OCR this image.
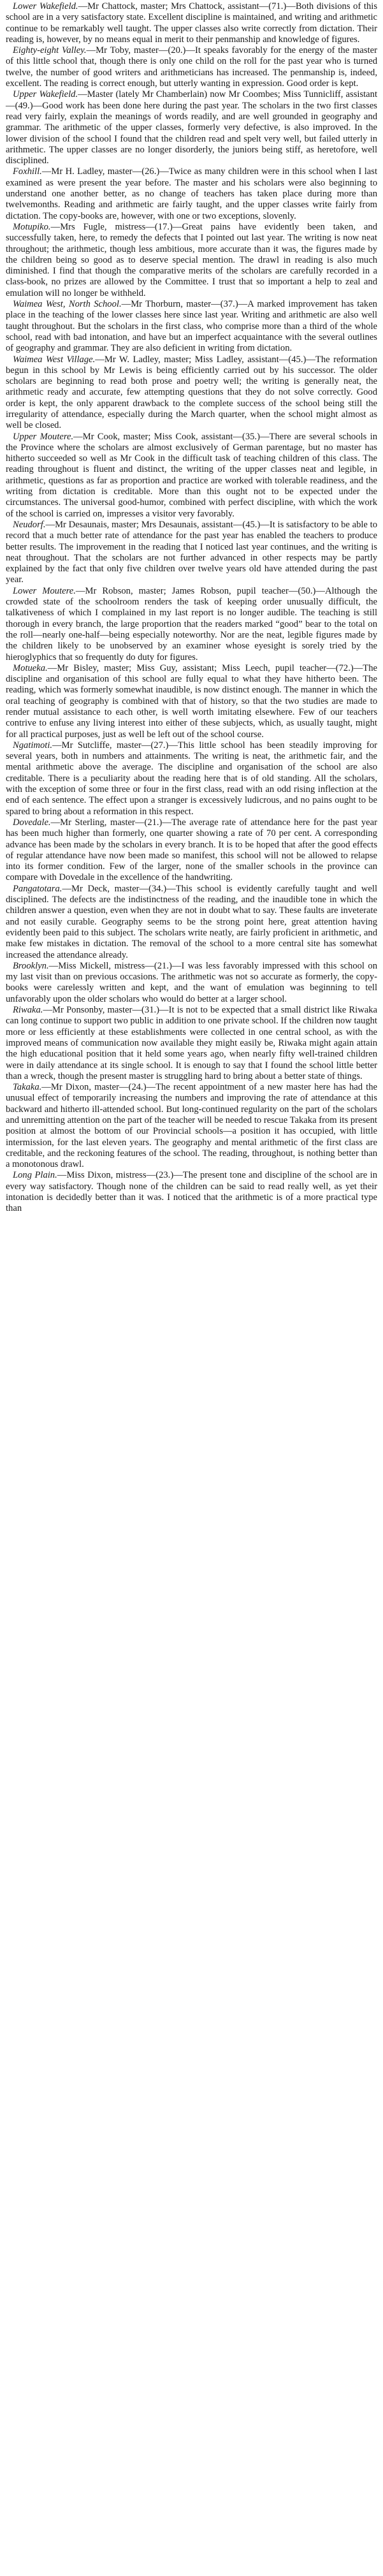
Lower Wakefield.—Mr Chattock, master; Mrs Chattock, assistant—(71.)—Both divisions of this school are in a very satisfactory state. Excellent discipline is maintained, and writing and arithmetic continue to be remarkably well taught. The upper classes also write correctly from dictation. Their reading is, however, by no means equal in merit to their penmanship and knowledge of figures.

Eighty-eight Valley.—Mr Toby, master—(20.)—It speaks favorably for the energy of the master of this little school that, though there is only one child on the roll for the past year who is turned twelve, the number of good writers and arithmeticians has increased. The penmanship is, indeed, excellent. The reading is correct enough, but utterly wanting in expression. Good order is kept.

Upper Wakefield.—Master (lately Mr Chamberlain) now Mr Coombes; Miss Tunnicliff, assistant—(49.)—Good work has been done here during the past year. The scholars in the two first classes read very fairly, explain the meanings of words readily, and are well grounded in geography and grammar. The arithmetic of the upper classes, formerly very defective, is also improved. In the lower division of the school I found that the children read and spelt very well, but failed utterly in arithmetic. The upper classes are no longer disorderly, the juniors being stiff, as heretofore, well disciplined.

Foxhill.—Mr H. Ladley, master—(26.)—Twice as many children were in this school when I last examined as were present the year before. The master and his scholars were also beginning to understand one another better, as no change of teachers has taken place during more than twelvemonths. Reading and arithmetic are fairly taught, and the upper classes write fairly from dictation. The copy-books are, however, with one or two exceptions, slovenly.

Motupiko.—Mrs Fugle, mistress—(17.)—Great pains have evidently been taken, and successfully taken, here, to remedy the defects that I pointed out last year. The writing is now neat throughout; the arithmetic, though less ambitious, more accurate than it was, the figures made by the children being so good as to deserve special mention. The drawl in reading is also much diminished. I find that though the comparative merits of the scholars are carefully recorded in a class-book, no prizes are allowed by the Committee. I trust that so important a help to zeal and emulation will no longer be withheld.

Waimea West, North School.—Mr Thorburn, master—(37.)—A marked improvement has taken place in the teaching of the lower classes here since last year. Writing and arithmetic are also well taught throughout. But the scholars in the first class, who comprise more than a third of the whole school, read with bad intonation, and have but an imperfect acquaintance with the several outlines of geography and grammar. They are also deficient in writing from dictation.

Waimea West Village.—Mr W. Ladley, master; Miss Ladley, assistant—(45.)—The reformation begun in this school by Mr Lewis is being efficiently carried out by his successor. The older scholars are beginning to read both prose and poetry well; the writing is generally neat, the arithmetic ready and accurate, few attempting questions that they do not solve correctly. Good order is kept, the only apparent drawback to the complete success of the school being still the irregularity of attendance, especially during the March quarter, when the school might almost as well be closed.

Upper Moutere.—Mr Cook, master; Miss Cook, assistant—(35.)—There are several schools in the Province where the scholars are almost exclusively of German parentage, but no master has hitherto succeeded so well as Mr Cook in the difficult task of teaching children of this class. The reading throughout is fluent and distinct, the writing of the upper classes neat and legible, in arithmetic, questions as far as proportion and practice are worked with tolerable readiness, and the writing from dictation is creditable. More than this ought not to be expected under the circumstances. The universal good-humor, combined with perfect discipline, with which the work of the school is carried on, impresses a visitor very favorably.

Neudorf.—Mr Desaunais, master; Mrs Desaunais, assistant—(45.)—It is satisfactory to be able to record that a much better rate of attendance for the past year has enabled the teachers to produce better results. The improvement in the reading that I noticed last year continues, and the writing is neat throughout. That the scholars are not further advanced in other respects may be partly explained by the fact that only five children over twelve years old have attended during the past year.

Lower Moutere.—Mr Robson, master; James Robson, pupil teacher—(50.)—Although the crowded state of the schoolroom renders the task of keeping order unusually difficult, the talkativeness of which I complained in my last report is no longer audible. The teaching is still thorough in every branch, the large proportion that the readers marked “good” bear to the total on the roll—nearly one-half—being especially noteworthy. Nor are the neat, legible figures made by the children likely to be unobserved by an examiner whose eyesight is sorely tried by the hieroglyphics that so frequently do duty for figures.

Motueka.—Mr Bisley, master; Miss Guy, assistant; Miss Leech, pupil teacher—(72.)—The discipline and organisation of this school are fully equal to what they have hitherto been. The reading, which was formerly somewhat inaudible, is now distinct enough. The manner in which the oral teaching of geography is combined with that of history, so that the two studies are made to render mutual assistance to each other, is well worth imitating elsewhere. Few of our teachers contrive to enfuse any living interest into either of these subjects, which, as usually taught, might for all practical purposes, just as well be left out of the school course.

Ngatimoti.—Mr Sutcliffe, master—(27.)—This little school has been steadily improving for several years, both in numbers and attainments. The writing is neat, the arithmetic fair, and the mental arithmetic above the average. The discipline and organisation of the school are also creditable. There is a peculiarity about the reading here that is of old standing. All the scholars, with the exception of some three or four in the first class, read with an odd rising inflection at the end of each sentence. The effect upon a stranger is excessively ludicrous, and no pains ought to be spared to bring about a reformation in this respect.

Dovedale.—Mr Sterling, master—(21.)—The average rate of attendance here for the past year has been much higher than formerly, one quarter showing a rate of 70 per cent. A corresponding advance has been made by the scholars in every branch. It is to be hoped that after the good effects of regular attendance have now been made so manifest, this school will not be allowed to relapse into its former condition. Few of the larger, none of the smaller schools in the province can compare with Dovedale in the excellence of the handwriting.

Pangatotara.—Mr Deck, master—(34.)—This school is evidently carefully taught and well disciplined. The defects are the indistinctness of the reading, and the inaudible tone in which the children answer a question, even when they are not in doubt what to say. These faults are inveterate and not easily curable. Geography seems to be the strong point here, great attention having evidently been paid to this subject. The scholars write neatly, are fairly proficient in arithmetic, and make few mistakes in dictation. The removal of the school to a more central site has somewhat increased the attendance already.

Brooklyn.—Miss Mickell, mistress—(21.)—I was less favorably impressed with this school on my last visit than on previous occasions. The arithmetic was not so accurate as formerly, the copy-books were carelessly written and kept, and the want of emulation was beginning to tell unfavorably upon the older scholars who would do better at a larger school.

Riwaka.—Mr Ponsonby, master—(31.)—It is not to be expected that a small district like Riwaka can long continue to support two public in addition to one private school. If the children now taught more or less efficiently at these establishments were collected in one central school, as with the improved means of communication now available they might easily be, Riwaka might again attain the high educational position that it held some years ago, when nearly fifty well-trained children were in daily attendance at its single school. It is enough to say that I found the school little better than a wreck, though the present master is struggling hard to bring about a better state of things.

Takaka.—Mr Dixon, master—(24.)—The recent appointment of a new master here has had the unusual effect of temporarily increasing the numbers and improving the rate of attendance at this backward and hitherto ill-attended school. But long-continued regularity on the part of the scholars and unremitting attention on the part of the teacher will be needed to rescue Takaka from its present position at almost the bottom of our Provincial schools—a position it has occupied, with little intermission, for the last eleven years. The geography and mental arithmetic of the first class are creditable, and the reckoning features of the school. The reading, throughout, is nothing better than a monotonous drawl.

Long Plain.—Miss Dixon, mistress—(23.)—The present tone and discipline of the school are in every way satisfactory. Though none of the children can be said to read really well, as yet their intonation is decidedly better than it was. I noticed that the arithmetic is of a more practical type than
